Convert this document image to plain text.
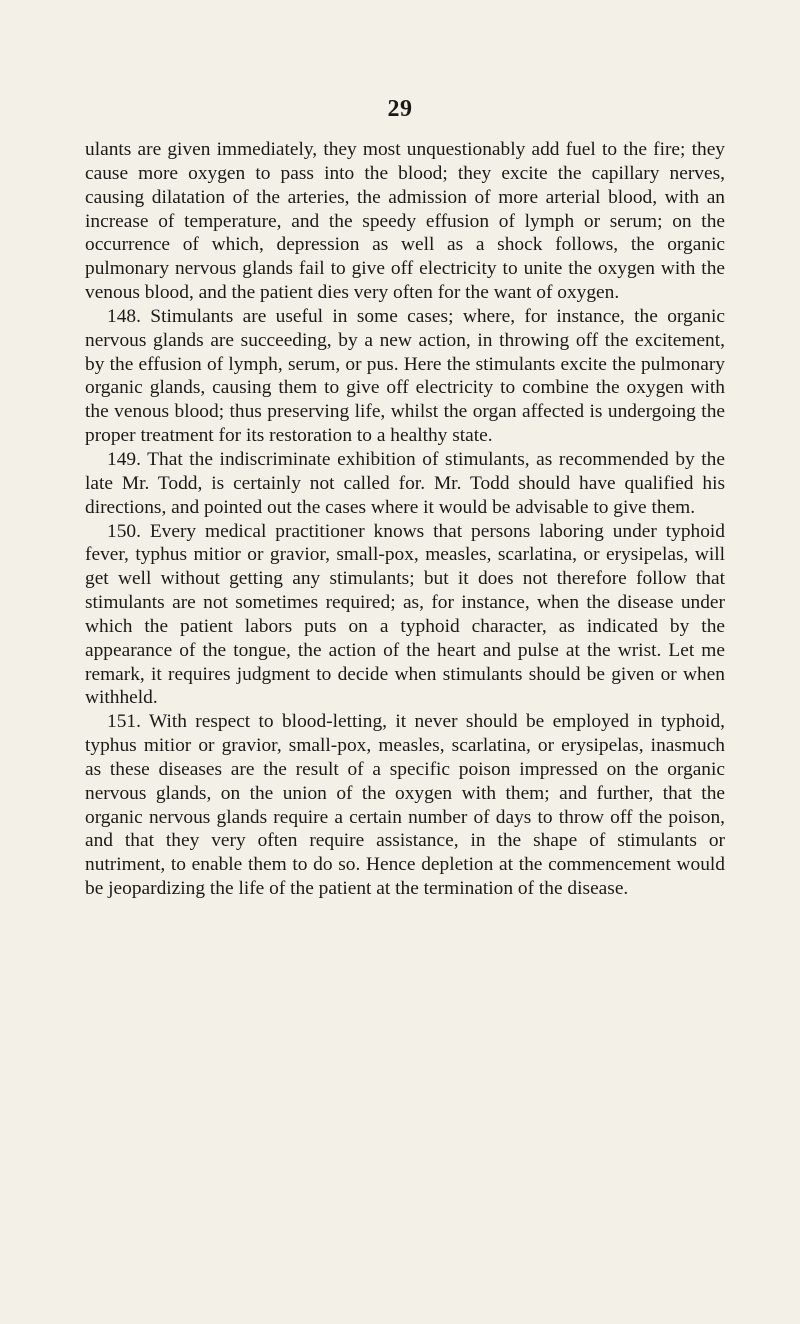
29

ulants are given immediately, they most unquestionably add fuel to the fire; they cause more oxygen to pass into the blood; they excite the capillary nerves, causing dilatation of the arteries, the admission of more arterial blood, with an increase of temperature, and the speedy effusion of lymph or serum; on the occurrence of which, depression as well as a shock follows, the organic pulmonary nervous glands fail to give off electricity to unite the oxygen with the venous blood, and the patient dies very often for the want of oxygen.

148. Stimulants are useful in some cases; where, for instance, the organic nervous glands are succeeding, by a new action, in throwing off the excitement, by the effusion of lymph, serum, or pus. Here the stimulants excite the pulmonary organic glands, causing them to give off electricity to combine the oxygen with the venous blood; thus preserving life, whilst the organ affected is undergoing the proper treatment for its restoration to a healthy state.

149. That the indiscriminate exhibition of stimulants, as recommended by the late Mr. Todd, is certainly not called for. Mr. Todd should have qualified his directions, and pointed out the cases where it would be advisable to give them.

150. Every medical practitioner knows that persons laboring under typhoid fever, typhus mitior or gravior, small-pox, measles, scarlatina, or erysipelas, will get well without getting any stimulants; but it does not therefore follow that stimulants are not sometimes required; as, for instance, when the disease under which the patient labors puts on a typhoid character, as indicated by the appearance of the tongue, the action of the heart and pulse at the wrist. Let me remark, it requires judgment to decide when stimulants should be given or when withheld.

151. With respect to blood-letting, it never should be employed in typhoid, typhus mitior or gravior, small-pox, measles, scarlatina, or erysipelas, inasmuch as these diseases are the result of a specific poison impressed on the organic nervous glands, on the union of the oxygen with them; and further, that the organic nervous glands require a certain number of days to throw off the poison, and that they very often require assistance, in the shape of stimulants or nutriment, to enable them to do so. Hence depletion at the commencement would be jeopardizing the life of the patient at the termination of the disease.
